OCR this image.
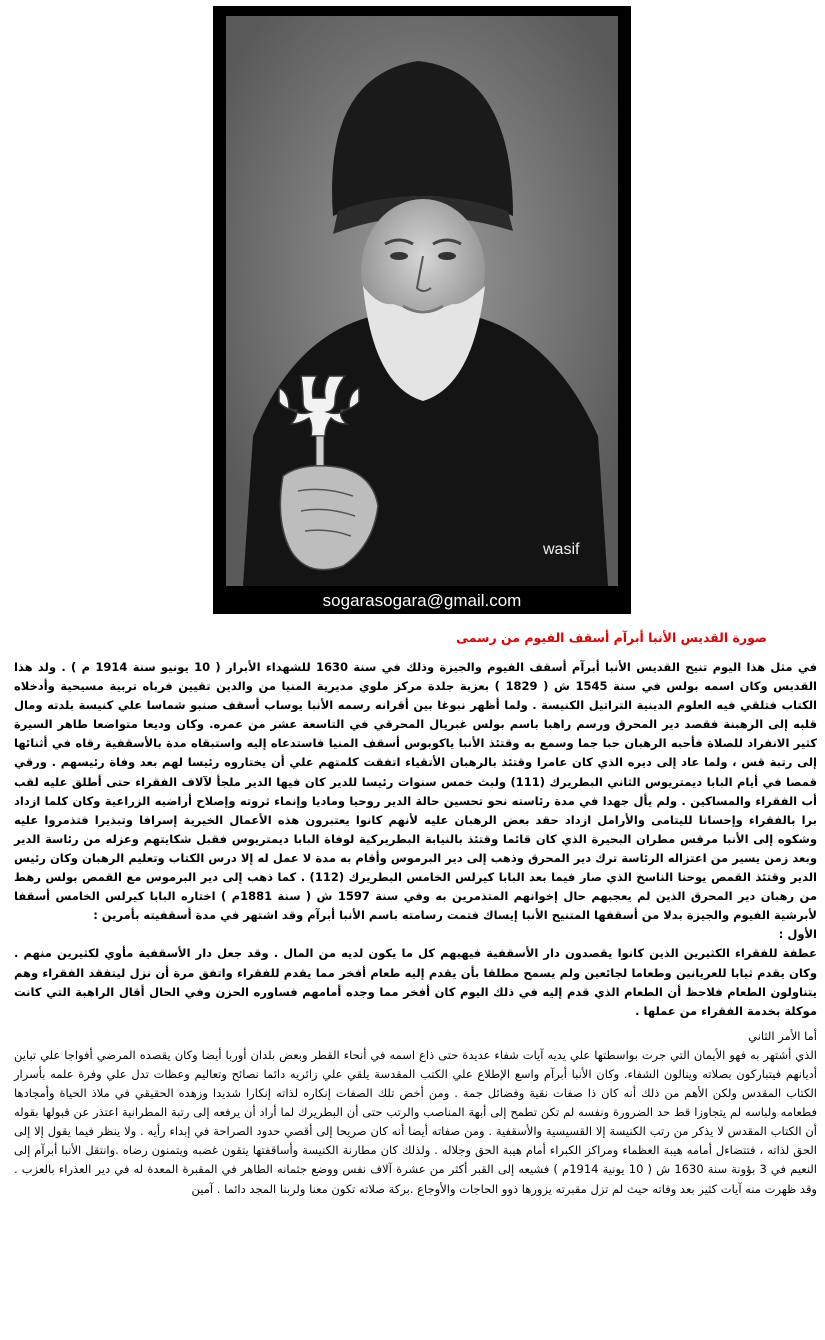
wasif
sogarasogara@gmail.com
صورة القديس الأنبا أبرآم أسقف الفيوم من رسمى

في مثل هذا اليوم تنيح القديس الأنبا أبرآم أسقف الفيوم والجيزة وذلك في سنة 1630 للشهداء الأبرار ( 10 يونيو سنة 1914 م ) . ولد هذا القديس وكان اسمه بولس في سنة 1545 ش ( 1829 ) بعزبة جلدة مركز ملوي مديرية المنيا من والدين تقيين فرباه تربية مسيحية وأدخلاه الكتاب فتلقي فيه العلوم الدينية التراتيل الكنيسة . ولما أظهر نبوغا بين أقرانه رسمه الأنبا يوساب أسقف صنبو شماسا علي كنيسة بلدته ومال قلبه إلى الرهبنة فقصد دير المحرق ورسم راهبا باسم بولس غبريال المحرقي في التاسعة عشر من عمره. وكان وديعا متواضعا طاهر السيرة كثير الانفراد للصلاة فأحبه الرهبان حبا جما وسمع به وقتئذ الأنبا ياكوبوس أسقف المنيا فاستدعاه إليه واستبقاه مدة بالأسقفية رقاه في أثنائها إلى رتبة قس ، ولما عاد إلى ديره الذي كان عامرا وقتئذ بالرهبان الأتقياء اتفقت كلمتهم علي أن يختاروه رئيسا لهم بعد وفاة رئيسهم . ورقي قمصا في أيام البابا ديمتريوس الثاني البطريرك (111) ولبث خمس سنوات رئيسا للدير كان فيها الدير ملجأ لآلاف الفقراء حتى أطلق عليه لقب أب الفقراء والمساكين . ولم يأل جهدا في مدة رئاسته نحو تحسين حالة الدير روحيا وماديا وإنماء ثروته وإصلاح أراضيه الزراعية وكان كلما ازداد برا بالفقراء وإحسانا لليتامى والأرامل ازداد حقد بعض الرهبان عليه لأنهم كانوا يعتبرون هذه الأعمال الخيرية إسرافا وتبذيرا فتذمروا عليه وشكوه إلى الأنبا مرقس مطران البحيرة الذي كان قائما وقتئذ بالنيابة البطريركية لوفاة البابا ديمتريوس فقبل شكايتهم وعزله من رئاسة الدير وبعد زمن يسير من اعتزاله الرئاسة ترك دير المحرق وذهب إلى دير البرموس وأقام به مدة لا عمل له إلا درس الكتاب وتعليم الرهبان وكان رئيس الدير وقتئذ القمص يوحنا الناسخ الذي صار فيما بعد البابا كيرلس الخامس البطريرك (112) . كما ذهب إلى دير البرموس مع القمص بولس رهط من رهبان دير المحرق الذين لم يعجبهم حال إخوانهم المتذمرين به وفي سنة 1597 ش ( سنة 1881م ) اختاره البابا كيرلس الخامس أسقفا لأبرشية الفيوم والجيزة بدلا من أسقفها المتنيح الأنبا إيساك فتمت رسامته باسم الأنبا أبرآم وقد اشتهر في مدة أسقفيته بأمرين :

الأول :

عطفة للفقراء الكثيرين الذين كانوا يقصدون دار الأسقفية فيهبهم كل ما يكون لديه من المال . وقد جعل دار الأسقفية مأوي لكثيرين منهم . وكان يقدم ثيابا للعريانين وطعاما لجائعين ولم يسمح مطلقا بأن يقدم إليه طعام أفخر مما يقدم للفقراء واتفق مرة أن نزل ليتفقد الفقراء وهم يتناولون الطعام فلاحظ أن الطعام الذي قدم إليه في ذلك اليوم كان أفخر مما وجده أمامهم فساوره الحزن وفي الحال أقال الراهبة التي كانت موكلة بخدمة الفقراء من عملها .

أما الأمر الثاني

الذي أشتهر به فهو الأيمان التي جرت بواسطتها علي يديه آيات شفاء عديدة حتى ذاع اسمه في أنحاء القطر وبعض بلدان أوربا أيضا وكان يقصده المرضي أفواجا علي تباين أديانهم فيتباركون بصلاته وينالون الشفاء. وكان الأنبا أبرآم واسع الإطلاع علي الكتب المقدسة يلقي علي زائريه دائما نصائح وتعاليم وعظات تدل علي وفرة علمه بأسرار الكتاب المقدس ولكن الأهم من ذلك أنه كان ذا صفات نقية وفضائل جمة . ومن أخص تلك الصفات إنكاره لذاته إنكارا شديدا وزهده الحقيقي في ملاذ الحياة وأمجادها فطعامه ولباسه لم يتجاوزا قط حد الضرورة ونفسه لم تكن تطمح إلى أبهة المناصب والرتب حتى أن البطريرك لما أراد أن يرفعه إلى رتبة المطرانية اعتذر عن قبولها بقوله أن الكتاب المقدس لا يذكر من رتب الكنيسة إلا القسيسية والأسقفية . ومن صفاته أيضا أنه كان صريحا إلى أقصي حدود الصراحة في إبداء رأيه . ولا ينظر فيما يقول إلا إلى الحق لذاته ، فتتضاءل أمامه هيبة العظماء ومراكز الكبراء أمام هيبة الحق وجلاله . ولذلك كان مطارنة الكنيسة وأساقفتها يتقون غضبه ويتمنون رضاه .وانتقل الأنبا أبرآم إلى النعيم في 3 بؤونة سنة 1630 ش ( 10 يونية 1914م ) فشيعه إلى القبر أكثر من عشرة آلاف نفس ووضع جثمانه الطاهر في المقبرة المعدة له في دير العذراء بالعزب . وقد ظهرت منه آيات كثير بعد وفاته حيث لم تزل مقبرته يزورها ذوو الحاجات والأوجاع .بركة صلاته تكون معنا ولربنا المجد دائما . آمين
